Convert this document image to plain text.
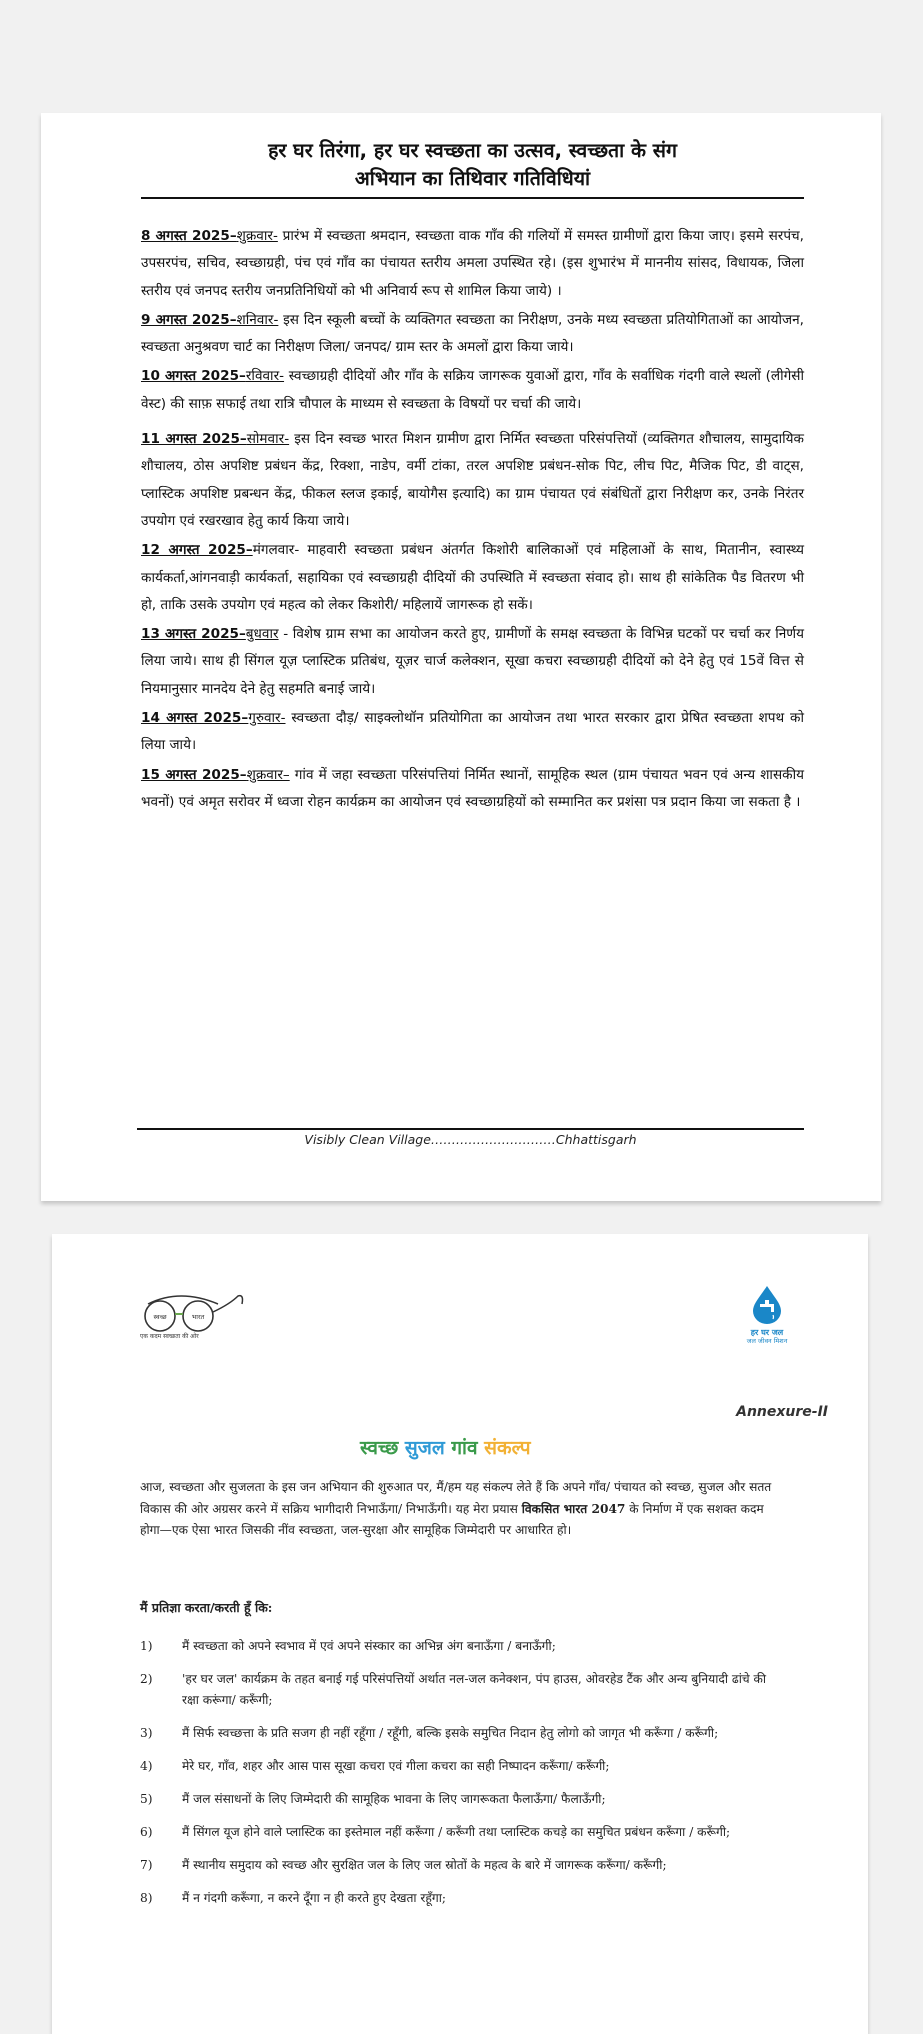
हर घर तिरंगा, हर घर स्वच्छता का उत्सव, स्वच्छता के संग
अभियान का तिथिवार गतिविधियां

8 अगस्त 2025–शुक्रवार- प्रारंभ में स्वच्छता श्रमदान, स्वच्छता वाक गाँव की गलियों में समस्त ग्रामीणों द्वारा किया जाए। इसमे सरपंच, उपसरपंच, सचिव, स्वच्छाग्रही, पंच एवं गाँव का पंचायत स्तरीय अमला उपस्थित रहे। (इस शुभारंभ में माननीय सांसद, विधायक, जिला स्तरीय एवं जनपद स्तरीय जनप्रतिनिधियों को भी अनिवार्य रूप से शामिल किया जाये) ।

9 अगस्त 2025–शनिवार- इस दिन स्कूली बच्चों के व्यक्तिगत स्वच्छता का निरीक्षण, उनके मध्य स्वच्छता प्रतियोगिताओं का आयोजन, स्वच्छता अनुश्रवण चार्ट का निरीक्षण जिला/ जनपद/ ग्राम स्तर के अमलों द्वारा किया जाये।

10 अगस्त 2025–रविवार- स्वच्छाग्रही दीदियों और गाँव के सक्रिय जागरूक युवाओं द्वारा, गाँव के सर्वाधिक गंदगी वाले स्थलों (लीगेसी वेस्ट) की साफ़ सफाई तथा रात्रि चौपाल के माध्यम से स्वच्छता के विषयों पर चर्चा की जाये।

11 अगस्त 2025–सोमवार- इस दिन स्वच्छ भारत मिशन ग्रामीण द्वारा निर्मित स्वच्छता परिसंपत्तियों (व्यक्तिगत शौचालय, सामुदायिक शौचालय, ठोस अपशिष्ट प्रबंधन केंद्र, रिक्शा, नाडेप, वर्मी टांका, तरल अपशिष्ट प्रबंधन-सोक पिट, लीच पिट, मैजिक पिट, डी वाट्स, प्लास्टिक अपशिष्ट प्रबन्धन केंद्र, फीकल स्लज इकाई, बायोगैस इत्यादि) का ग्राम पंचायत एवं संबंधितों द्वारा निरीक्षण कर, उनके निरंतर उपयोग एवं रखरखाव हेतु कार्य किया जाये।

12 अगस्त 2025–मंगलवार- माहवारी स्वच्छता प्रबंधन अंतर्गत किशोरी बालिकाओं एवं महिलाओं के साथ, मितानीन, स्वास्थ्य कार्यकर्ता,आंगनवाड़ी कार्यकर्ता, सहायिका एवं स्वच्छाग्रही दीदियों की उपस्थिति में स्वच्छता संवाद हो। साथ ही सांकेतिक पैड वितरण भी हो, ताकि उसके उपयोग एवं महत्व को लेकर किशोरी/ महिलायें जागरूक हो सकें।

13 अगस्त 2025–बुधवार - विशेष ग्राम सभा का आयोजन करते हुए, ग्रामीणों के समक्ष स्वच्छता के विभिन्न घटकों पर चर्चा कर निर्णय लिया जाये। साथ ही सिंगल यूज़ प्लास्टिक प्रतिबंध, यूज़र चार्ज कलेक्शन, सूखा कचरा स्वच्छाग्रही दीदियों को देने हेतु एवं 15वें वित्त से नियमानुसार मानदेय देने हेतु सहमति बनाई जाये।

14 अगस्त 2025–गुरुवार- स्वच्छता दौड़/ साइक्लोथॉन प्रतियोगिता का आयोजन तथा भारत सरकार द्वारा प्रेषित स्वच्छता शपथ को लिया जाये।

15 अगस्त 2025–शुक्रवार– गांव में जहा स्वच्छता परिसंपत्तियां निर्मित स्थानों, सामूहिक स्थल (ग्राम पंचायत भवन एवं अन्य शासकीय भवनों) एवं अमृत सरोवर में ध्वजा रोहन कार्यक्रम का आयोजन एवं स्वच्छाग्रहियों को सम्मानित कर प्रशंसा पत्र प्रदान किया जा सकता है ।

Visibly Clean Village…………………………Chhattisgarh
स्वच्छ	भारत
एक कदम स्वच्छता की ओर	हर घर जल
जल जीवन मिशन
Annexure-II
स्वच्छ सुजल गांव संकल्प
आज, स्वच्छता और सुजलता के इस जन अभियान की शुरुआत पर, मैं/हम यह संकल्प लेते हैं कि अपने गाँव/ पंचायत को स्वच्छ, सुजल और सतत विकास की ओर अग्रसर करने में सक्रिय भागीदारी निभाऊँगा/ निभाऊँगी। यह मेरा प्रयास विकसित भारत 2047 के निर्माण में एक सशक्त कदम होगा—एक ऐसा भारत जिसकी नींव स्वच्छता, जल-सुरक्षा और सामूहिक जिम्मेदारी पर आधारित हो।
मैं प्रतिज्ञा करता/करती हूँ कि:
1)	मैं स्वच्छता को अपने स्वभाव में एवं अपने संस्कार का अभिन्न अंग बनाऊँगा / बनाऊँगी;
2)	'हर घर जल' कार्यक्रम के तहत बनाई गई परिसंपत्तियों अर्थात नल-जल कनेक्शन, पंप हाउस, ओवरहेड टैंक और अन्य बुनियादी ढांचे की रक्षा करूंगा/ करूँगी;
3)	मैं सिर्फ स्वच्छत्ता के प्रति सजग ही नहीं रहूँगा / रहूँगी, बल्कि इसके समुचित निदान हेतु लोगो को जागृत भी करूँगा / करूँगी;
4)	मेरे घर, गाँव, शहर और आस पास सूखा कचरा एवं गीला कचरा का सही निष्पादन करूँगा/ करूँगी;
5)	मैं जल संसाधनों के लिए जिम्मेदारी की सामूहिक भावना के लिए जागरूकता फैलाऊँगा/ फैलाऊँगी;
6)	मैं सिंगल यूज होने वाले प्लास्टिक का इस्तेमाल नहीं करूँगा / करूँगी तथा प्लास्टिक कचड़े का समुचित प्रबंधन करूँगा / करूँगी;
7)	मैं स्थानीय समुदाय को स्वच्छ और सुरक्षित जल के लिए जल स्रोतों के महत्व के बारे में जागरूक करूँगा/ करूँगी;
8)	मैं न गंदगी करूँगा, न करने दूँगा न ही करते हुए देखता रहूँगा;
